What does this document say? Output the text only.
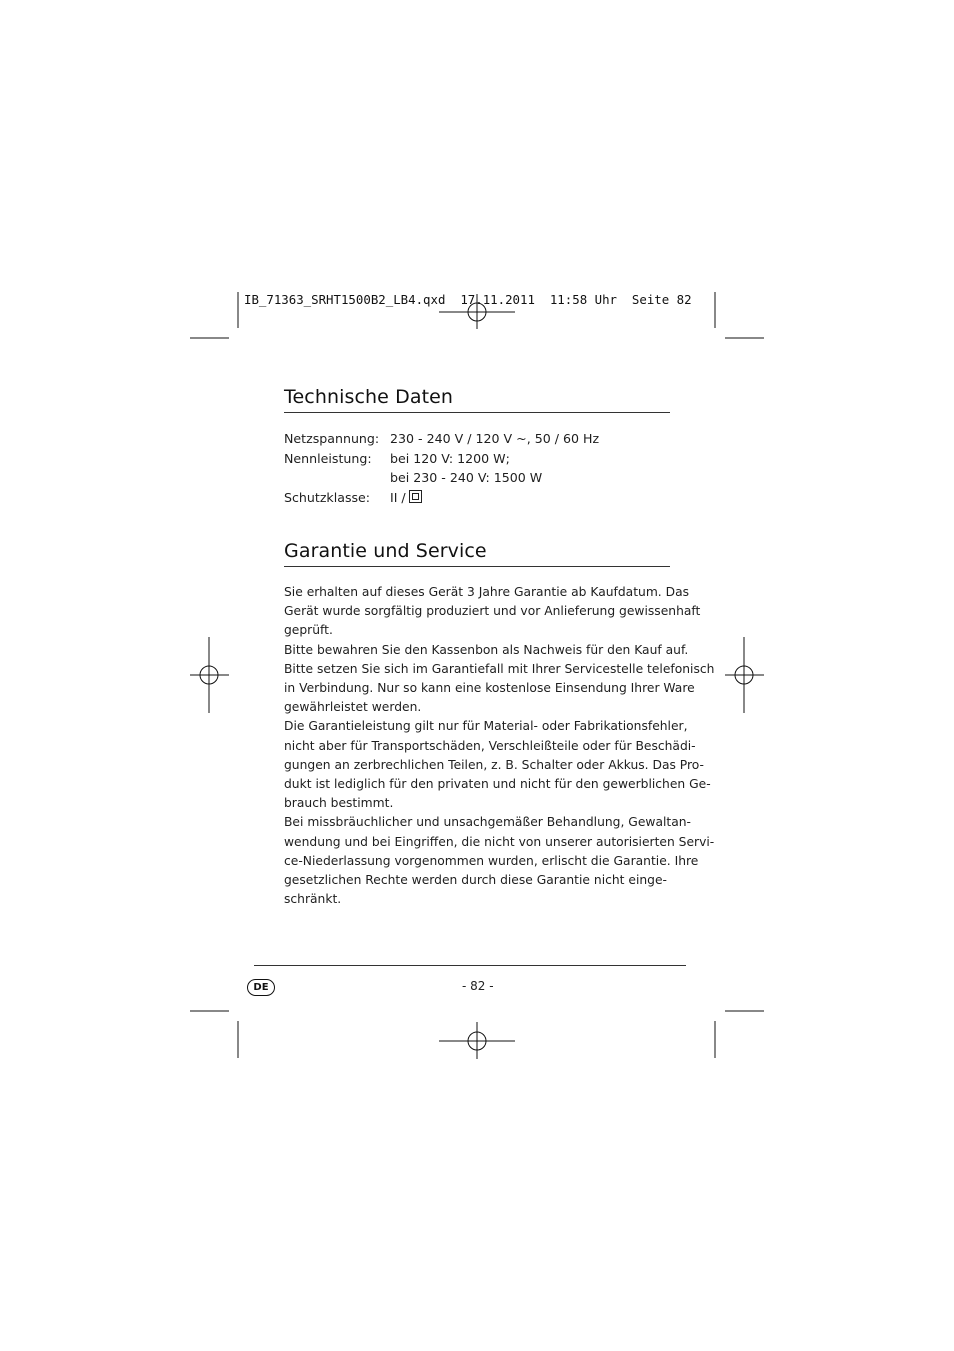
IB_71363_SRHT1500B2_LB4.qxd  17.11.2011  11:58 Uhr  Seite 82
Technische Daten
Netzspannung: 230 - 240 V / 120 V ~, 50 / 60 Hz
Nennleistung: bei 120 V: 1200 W;
bei 230 - 240 V: 1500 W
Schutzklasse: II /
Garantie und Service

Sie erhalten auf dieses Gerät 3 Jahre Garantie ab Kaufdatum. Das

Gerät wurde sorgfältig produziert und vor Anlieferung gewissenhaft

geprüft.

Bitte bewahren Sie den Kassenbon als Nachweis für den Kauf auf.

Bitte setzen Sie sich im Garantiefall mit Ihrer Servicestelle telefonisch

in Verbindung. Nur so kann eine kostenlose Einsendung Ihrer Ware

gewährleistet werden.

Die Garantieleistung gilt nur für Material- oder Fabrikationsfehler,

nicht aber für Transportschäden, Verschleißteile oder für Beschädi-

gungen an zerbrechlichen Teilen, z. B. Schalter oder Akkus. Das Pro-

dukt ist lediglich für den privaten und nicht für den gewerblichen Ge-

brauch bestimmt.

Bei missbräuchlicher und unsachgemäßer Behandlung, Gewaltan-

wendung und bei Eingriffen, die nicht von unserer autorisierten Servi-

ce-Niederlassung vorgenommen wurden, erlischt die Garantie. Ihre

gesetzlichen Rechte werden durch diese Garantie nicht einge-

schränkt.

DE	- 82 -
